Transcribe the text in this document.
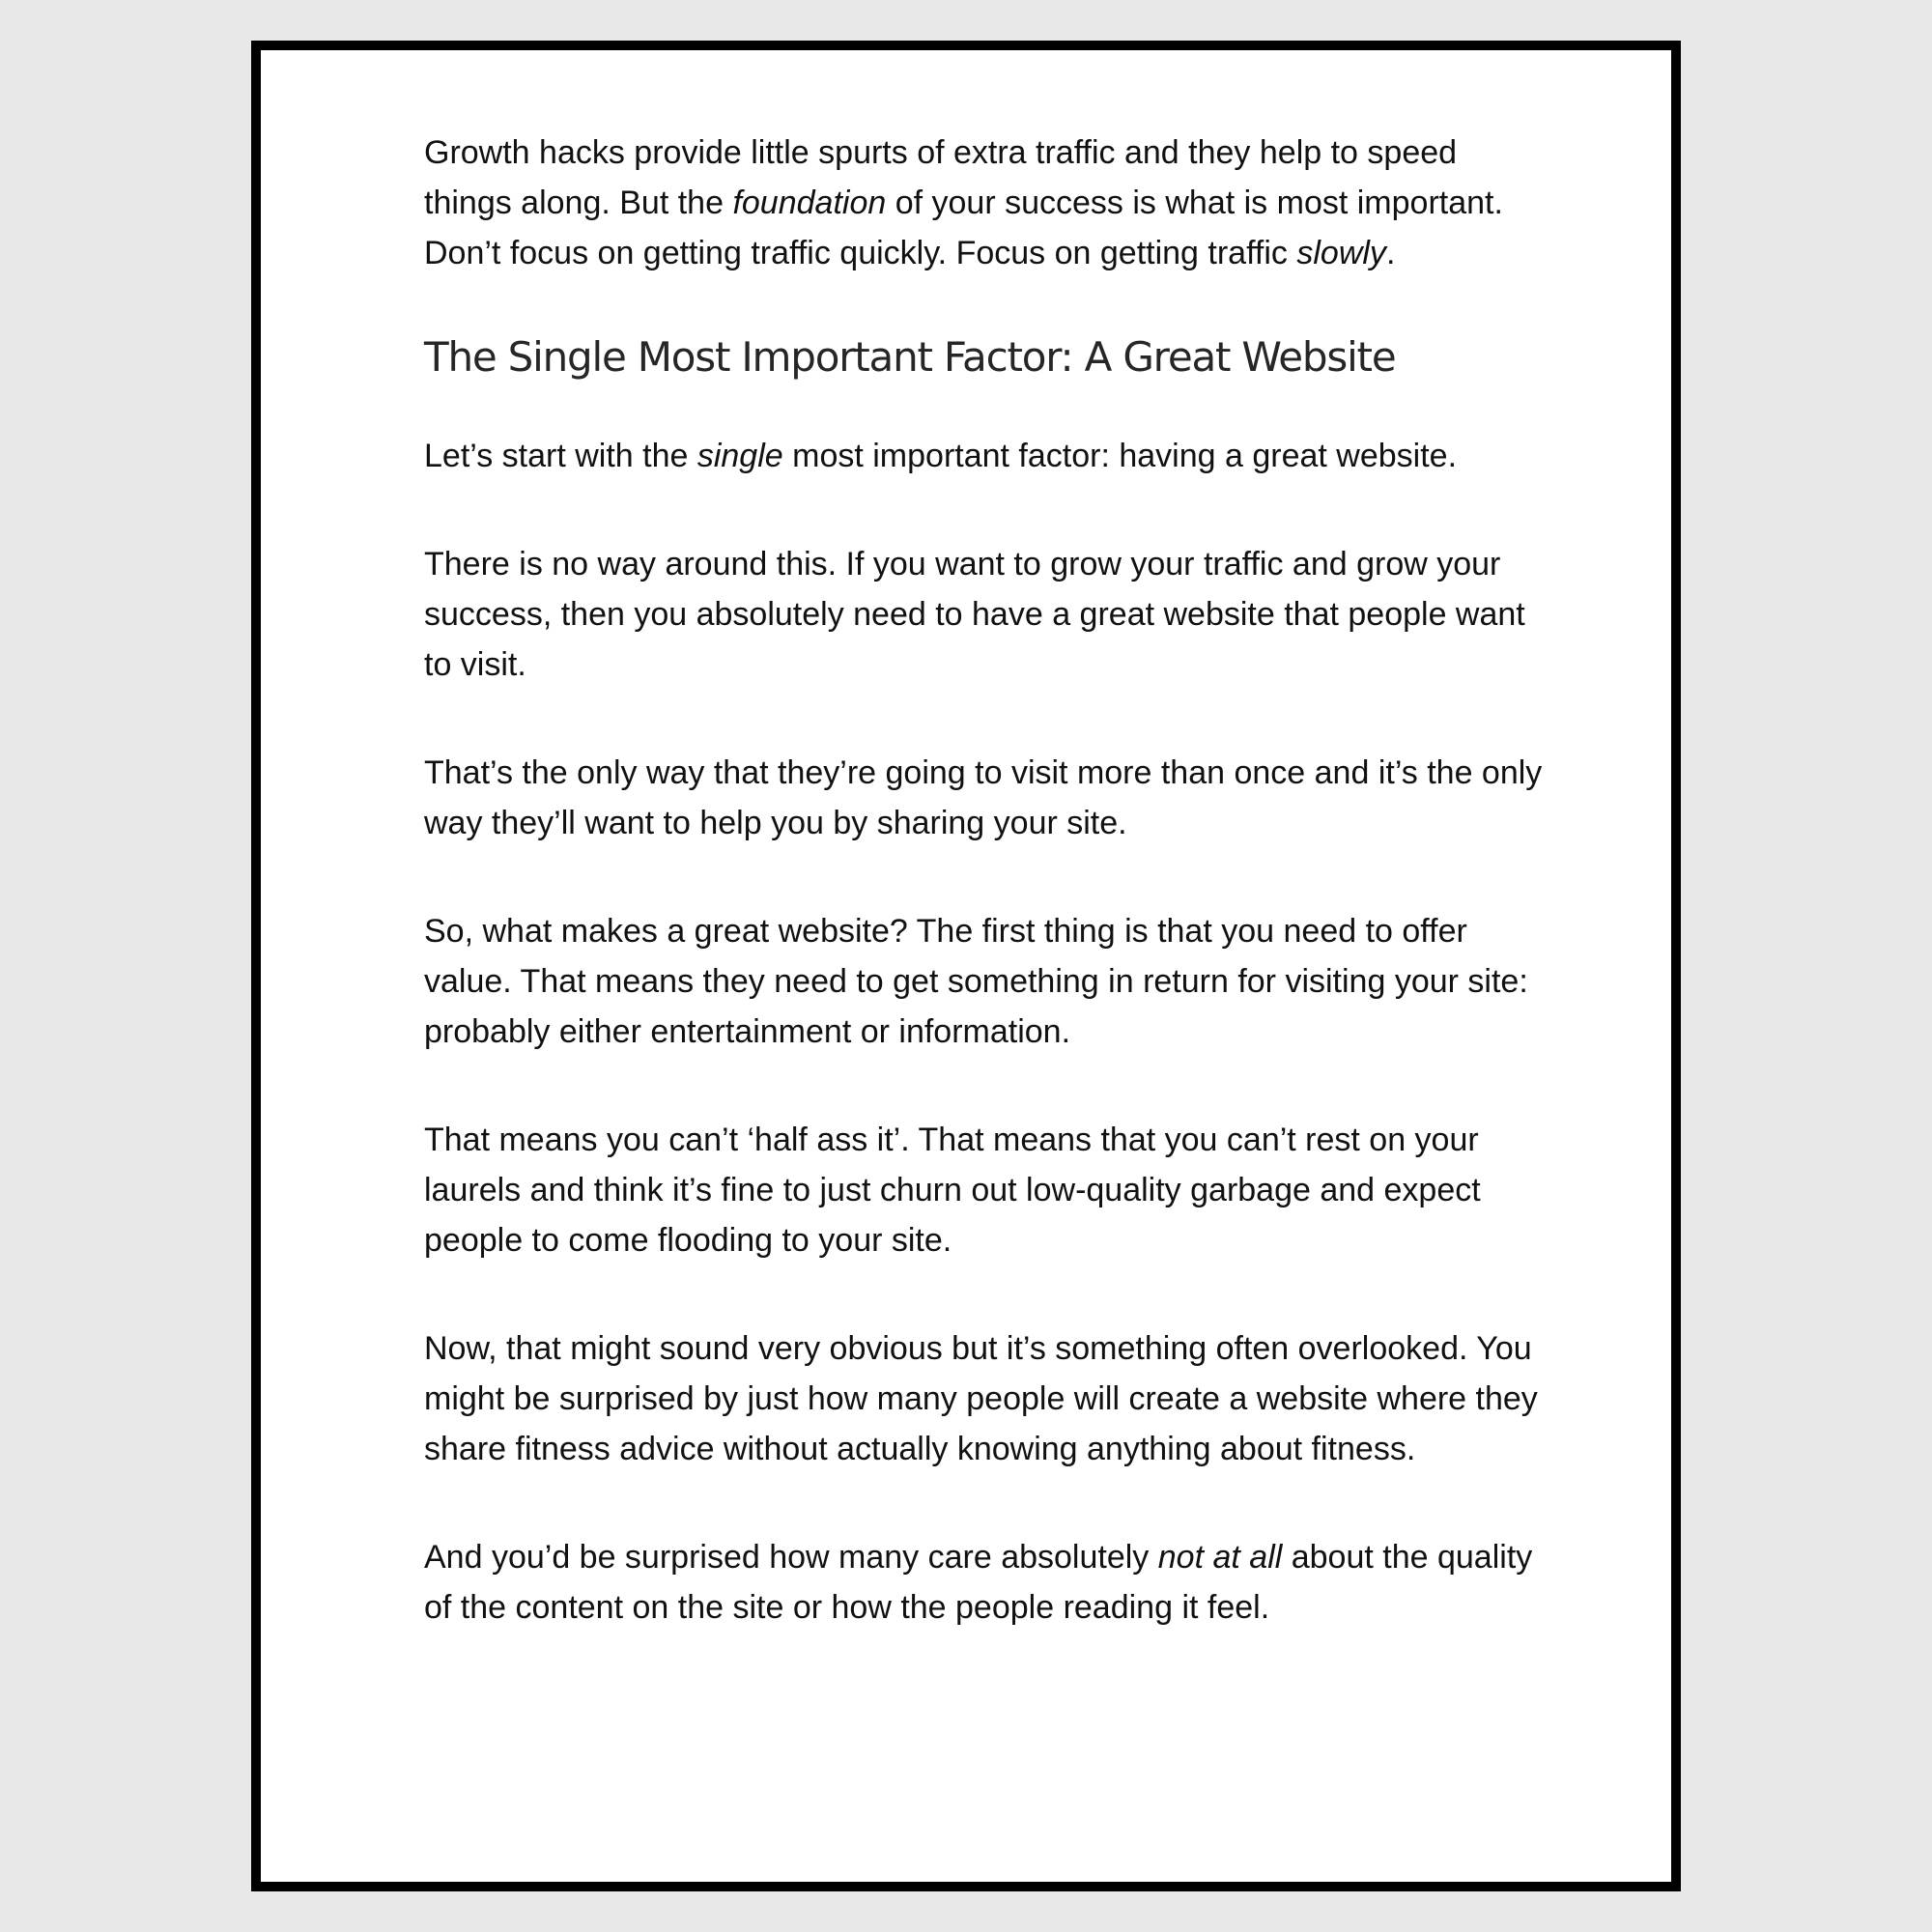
Growth hacks provide little spurts of extra traffic and they help to speed things along. But the foundation of your success is what is most important. Don’t focus on getting traffic quickly. Focus on getting traffic slowly.

The Single Most Important Factor: A Great Website

Let’s start with the single most important factor: having a great website.

There is no way around this. If you want to grow your traffic and grow your success, then you absolutely need to have a great website that people want to visit.

That’s the only way that they’re going to visit more than once and it’s the only way they’ll want to help you by sharing your site.

So, what makes a great website? The first thing is that you need to offer value. That means they need to get something in return for visiting your site: probably either entertainment or information.

That means you can’t ‘half ass it’. That means that you can’t rest on your laurels and think it’s fine to just churn out low-quality garbage and expect people to come flooding to your site.

Now, that might sound very obvious but it’s something often overlooked. You might be surprised by just how many people will create a website where they share fitness advice without actually knowing anything about fitness.

And you’d be surprised how many care absolutely not at all about the quality of the content on the site or how the people reading it feel.
